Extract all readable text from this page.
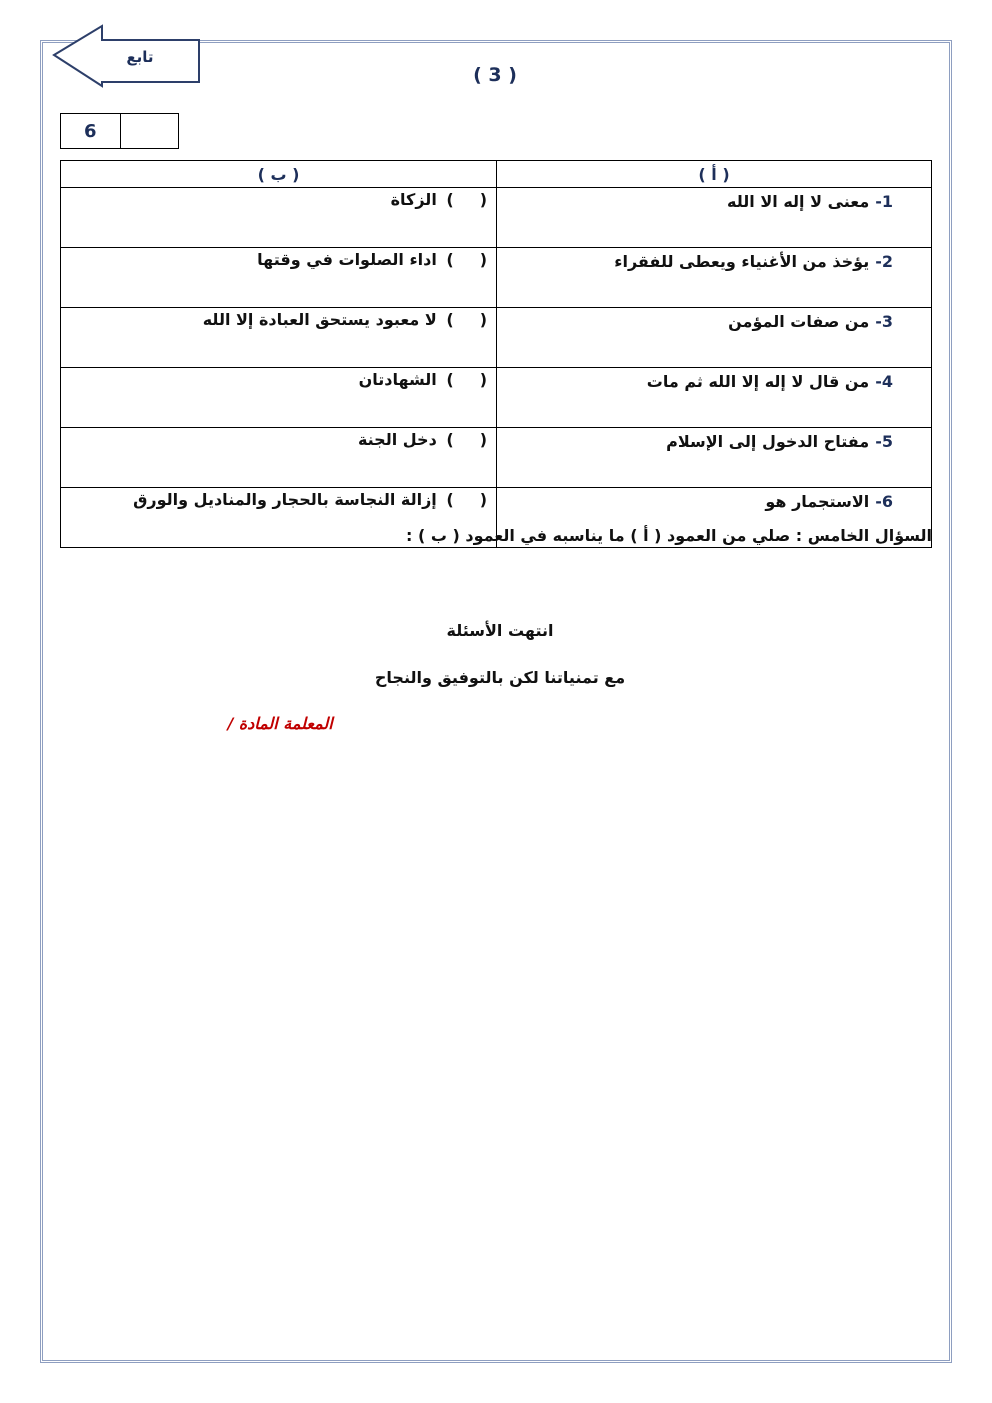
تابع
( 3 )
6
( أ )	( ب )
1-معنى لا إله الا الله	() الزكاة
2-يؤخذ من الأغنياء ويعطى للفقراء	() اداء الصلوات في وقتها
3-من صفات المؤمن	() لا معبود يستحق العبادة إلا الله
4-من قال لا إله إلا الله ثم مات	() الشهادتان
5-مفتاح الدخول إلى الإسلام	() دخل الجنة
6-الاستجمار هو	() إزالة النجاسة بالحجار والمناديل والورق
السؤال الخامس : صلي من العمود ( أ ) ما يناسبه في العمود ( ب ) :
انتهت الأسئلة
مع تمنياتنا لكن بالتوفيق والنجاح
المعلمة المادة /
